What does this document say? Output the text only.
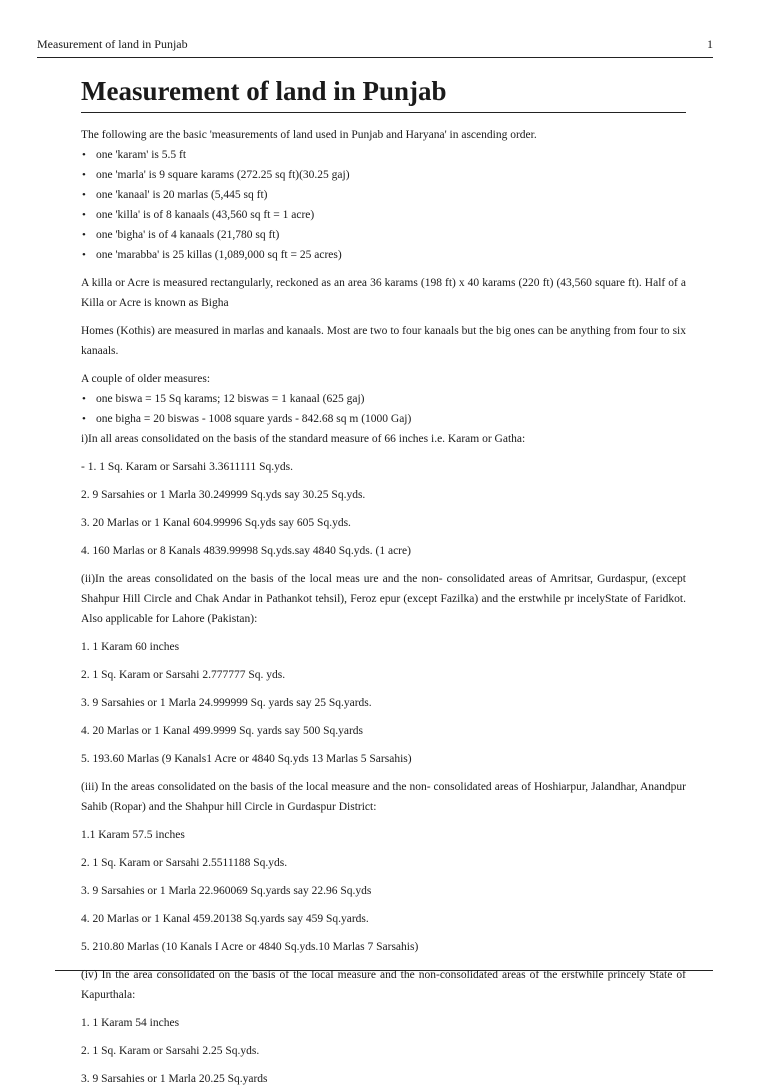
Measurement of land in Punjab	1
Measurement of land in Punjab

The following are the basic 'measurements of land used in Punjab and Haryana' in ascending order.

• one 'karam' is 5.5 ft
• one 'marla' is 9 square karams (272.25 sq ft)(30.25 gaj)
• one 'kanaal' is 20 marlas (5,445 sq ft)
• one 'killa' is of 8 kanaals (43,560 sq ft = 1 acre)
• one 'bigha' is of 4 kanaals (21,780 sq ft)
• one 'marabba' is 25 killas (1,089,000 sq ft = 25 acres)

A killa or Acre is measured rectangularly, reckoned as an area 36 karams (198 ft) x 40 karams (220 ft) (43,560 square ft). Half of a Killa or Acre is known as Bigha

Homes (Kothis) are measured in marlas and kanaals. Most are two to four kanaals but the big ones can be anything from four to six kanaals.

A couple of older measures:

• one biswa = 15 Sq karams; 12 biswas = 1 kanaal (625 gaj)
• one bigha = 20 biswas - 1008 square yards - 842.68 sq m (1000 Gaj)

i)In all areas consolidated on the basis of the standard measure of 66 inches i.e. Karam or Gatha:

- 1. 1 Sq. Karam or Sarsahi 3.3611111 Sq.yds.

2. 9 Sarsahies or 1 Marla 30.249999 Sq.yds say 30.25 Sq.yds.

3. 20 Marlas or 1 Kanal 604.99996 Sq.yds say 605 Sq.yds.

4. 160 Marlas or 8 Kanals 4839.99998 Sq.yds.say 4840 Sq.yds. (1 acre)

(ii)In the areas consolidated on the basis of the local meas ure and the non- consolidated areas of Amritsar, Gurdaspur, (except Shahpur Hill Circle and Chak Andar in Pathankot tehsil), Feroz epur (except Fazilka) and the erstwhile pr incelyState of Faridkot. Also applicable for Lahore (Pakistan):

1. 1 Karam 60 inches

2. 1 Sq. Karam or Sarsahi 2.777777 Sq. yds.

3. 9 Sarsahies or 1 Marla 24.999999 Sq. yards say 25 Sq.yards.

4. 20 Marlas or 1 Kanal 499.9999 Sq. yards say 500 Sq.yards

5. 193.60 Marlas (9 Kanals1 Acre or 4840 Sq.yds 13 Marlas 5 Sarsahis)

(iii) In the areas consolidated on the basis of the local measure and the non- consolidated areas of Hoshiarpur, Jalandhar, Anandpur Sahib (Ropar) and the Shahpur hill Circle in Gurdaspur District:

1.1 Karam 57.5 inches

2. 1 Sq. Karam or Sarsahi 2.5511188 Sq.yds.

3. 9 Sarsahies or 1 Marla 22.960069 Sq.yards say 22.96 Sq.yds

4. 20 Marlas or 1 Kanal 459.20138 Sq.yards say 459 Sq.yards.

5. 210.80 Marlas (10 Kanals I Acre or 4840 Sq.yds.10 Marlas 7 Sarsahis)

(iv) In the area consolidated on the basis of the local measure and the non-consolidated areas of the erstwhile princely State of Kapurthala:

1. 1 Karam 54 inches

2. 1 Sq. Karam or Sarsahi 2.25 Sq.yds.

3. 9 Sarsahies or 1 Marla 20.25 Sq.yards
